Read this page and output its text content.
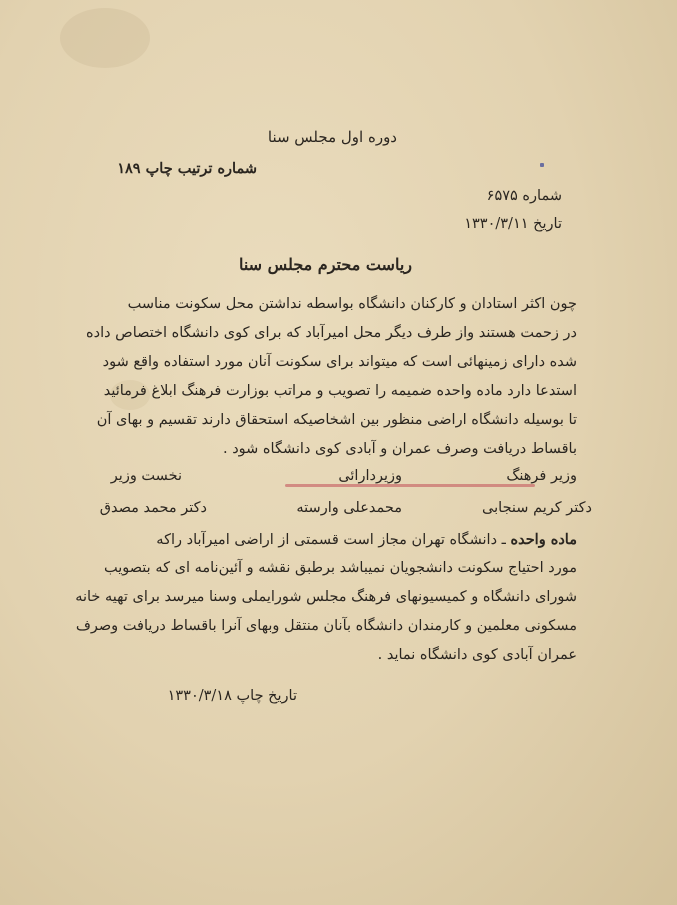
دوره اول مجلس سنا
شماره ترتیب چاپ ۱۸۹
شماره ۶۵۷۵
تاریخ ۱۳۳۰/۳/۱۱
ریاست محترم مجلس سنا
چون اکثر استادان و کارکنان دانشگاه بواسطه نداشتن محل سکونت مناسب
در زحمت هستند واز طرف دیگر محل امیرآباد که برای کوی دانشگاه اختصاص داده
شده دارای زمینهائی است که میتواند برای سکونت آنان مورد استفاده واقع شود
استدعا دارد ماده واحده ضمیمه را تصویب و مراتب بوزارت فرهنگ ابلاغ فرمائید
تا بوسیله دانشگاه اراضی منظور بین اشخاصیکه استحقاق دارند تقسیم و بهای آن
باقساط دریافت وصرف عمران و آبادی کوی دانشگاه شود .
وزیر فرهنگ
وزیردارائی
نخست وزیر
دکتر کریم سنجابی
محمدعلی وارسته
دکتر محمد مصدق
ماده واحده ـ دانشگاه تهران مجاز است قسمتی از اراضی امیرآباد راکه
مورد احتیاج سکونت دانشجویان نمیباشد برطبق نقشه و آئین‌نامه ای که بتصویب
شورای دانشگاه و کمیسیونهای فرهنگ مجلس شورایملی وسنا میرسد برای تهیه خانه
مسکونی معلمین و کارمندان دانشگاه بآنان منتقل وبهای آنرا باقساط دریافت وصرف
عمران آبادی کوی دانشگاه نماید .
تاریخ چاپ ۱۳۳۰/۳/۱۸
